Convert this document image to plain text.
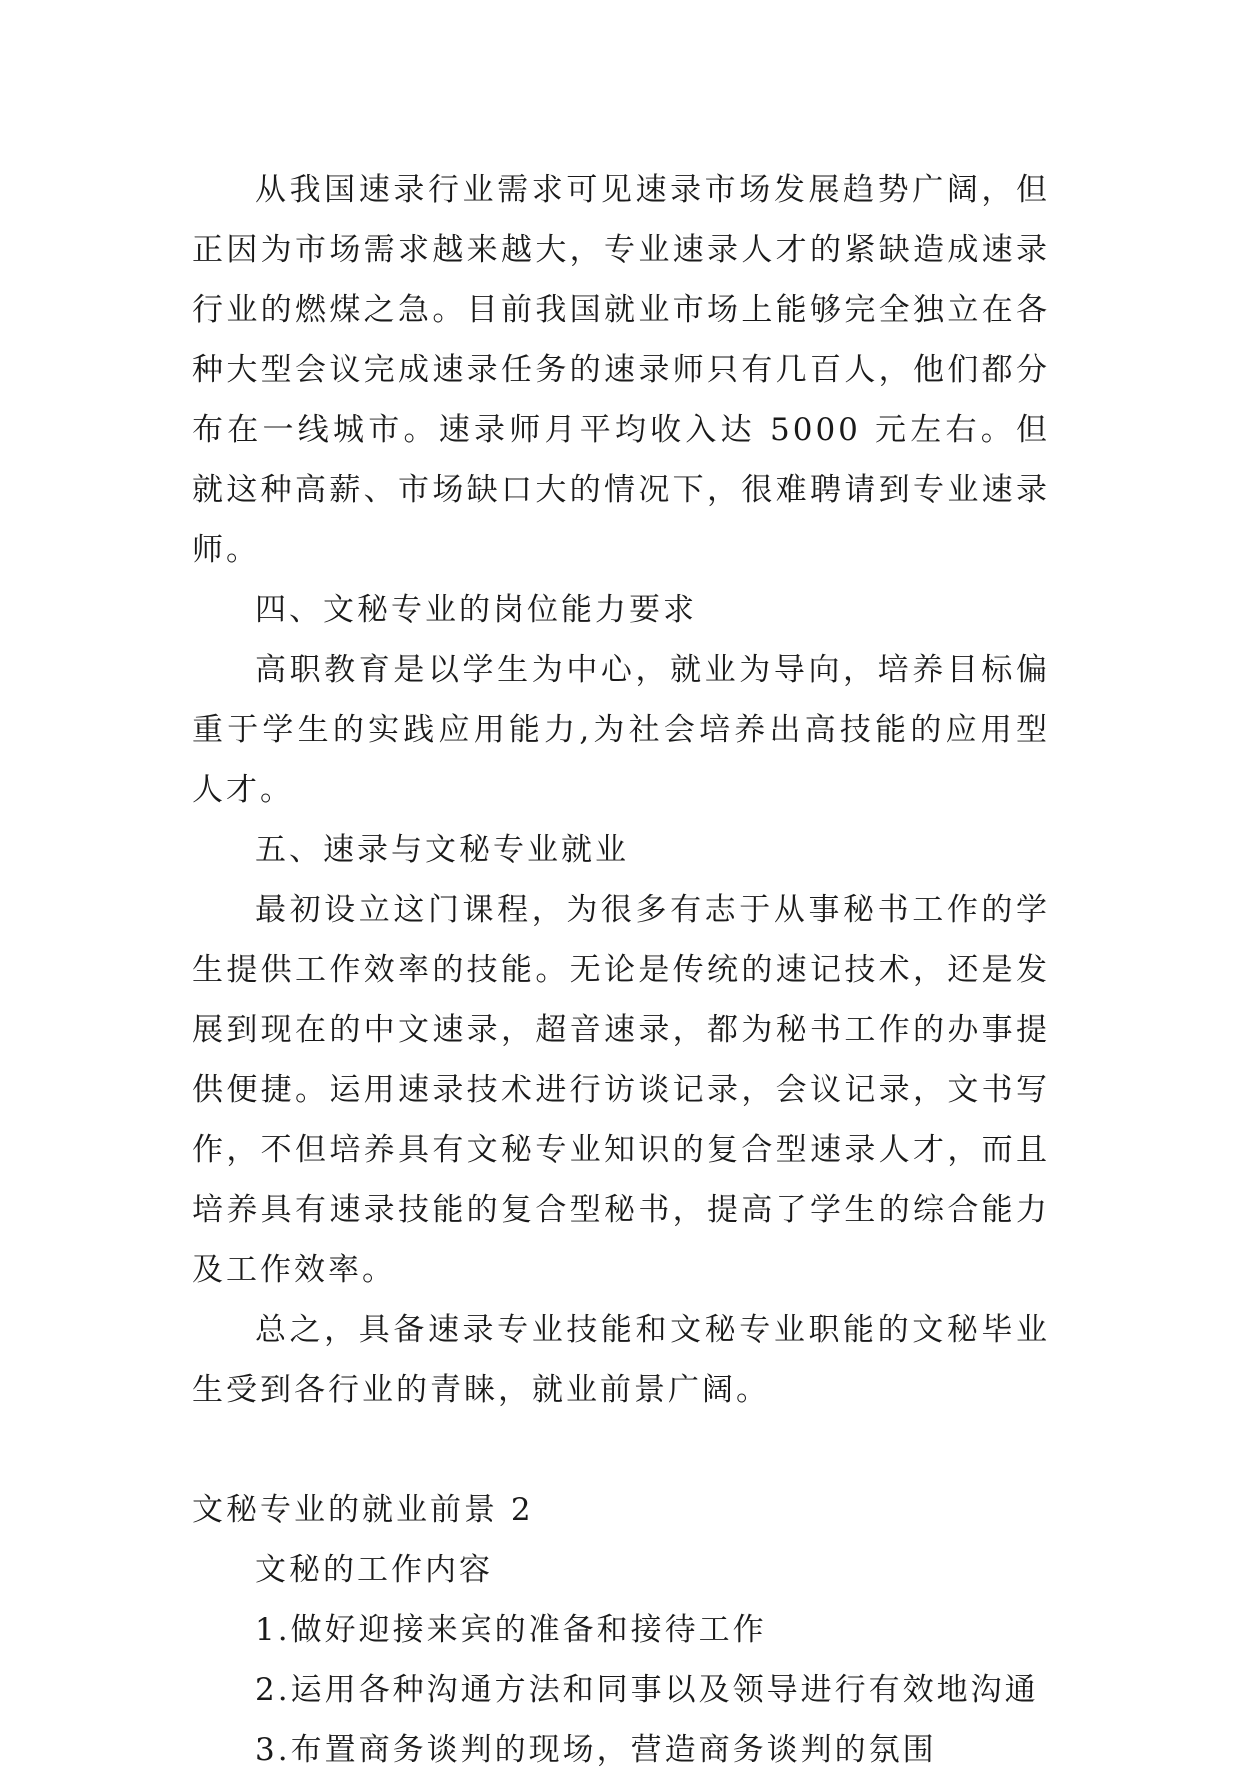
从我国速录行业需求可见速录市场发展趋势广阔，但正因为市场需求越来越大，专业速录人才的紧缺造成速录行业的燃煤之急。目前我国就业市场上能够完全独立在各种大型会议完成速录任务的速录师只有几百人，他们都分布在一线城市。速录师月平均收入达 5000 元左右。但就这种高薪、市场缺口大的情况下，很难聘请到专业速录师。

四、文秘专业的岗位能力要求

高职教育是以学生为中心，就业为导向，培养目标偏重于学生的实践应用能力,为社会培养出高技能的应用型人才。

五、速录与文秘专业就业

最初设立这门课程，为很多有志于从事秘书工作的学生提供工作效率的技能。无论是传统的速记技术，还是发展到现在的中文速录，超音速录，都为秘书工作的办事提供便捷。运用速录技术进行访谈记录，会议记录，文书写作，不但培养具有文秘专业知识的复合型速录人才，而且培养具有速录技能的复合型秘书，提高了学生的综合能力及工作效率。

总之，具备速录专业技能和文秘专业职能的文秘毕业生受到各行业的青睐，就业前景广阔。

文秘专业的就业前景 2

文秘的工作内容

1.做好迎接来宾的准备和接待工作
2.运用各种沟通方法和同事以及领导进行有效地沟通
3.布置商务谈判的现场，营造商务谈判的氛围
